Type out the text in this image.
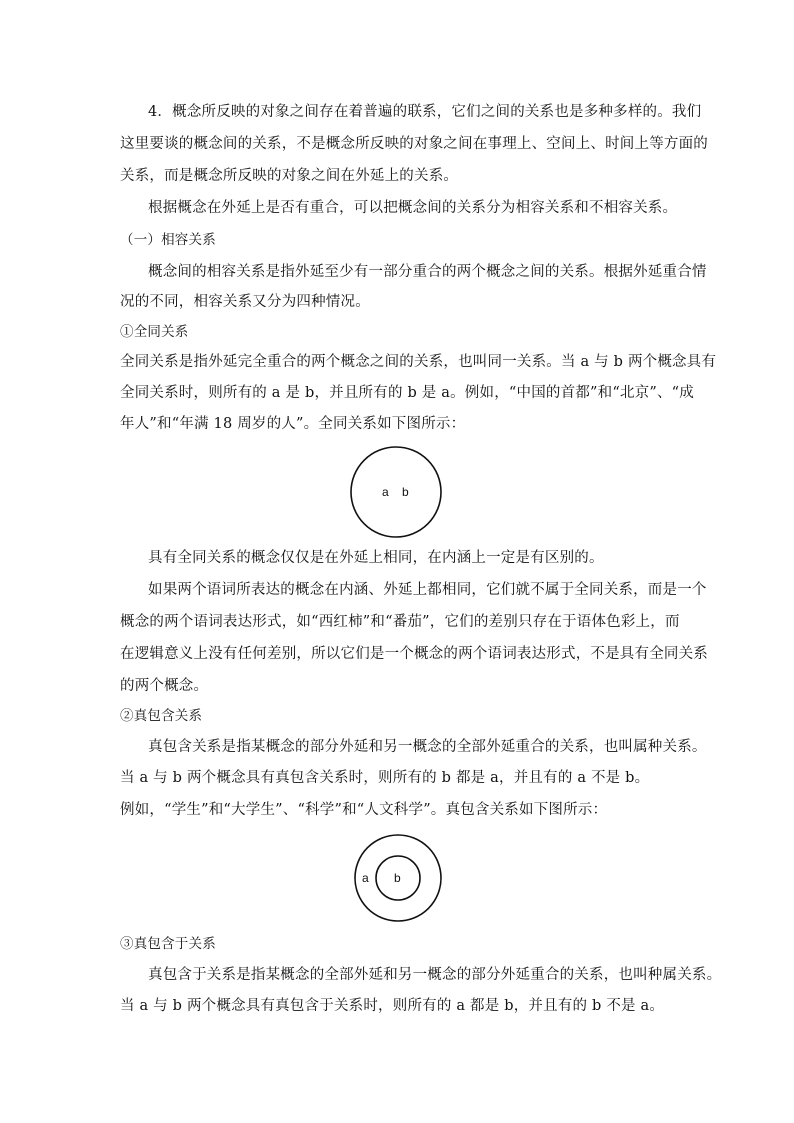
4．概念所反映的对象之间存在着普遍的联系，它们之间的关系也是多种多样的。我们
这里要谈的概念间的关系，不是概念所反映的对象之间在事理上、空间上、时间上等方面的
关系，而是概念所反映的对象之间在外延上的关系。
根据概念在外延上是否有重合，可以把概念间的关系分为相容关系和不相容关系。
（一）相容关系
概念间的相容关系是指外延至少有一部分重合的两个概念之间的关系。根据外延重合情
况的不同，相容关系又分为四种情况。
①全同关系
全同关系是指外延完全重合的两个概念之间的关系，也叫同一关系。当 a 与 b 两个概念具有
全同关系时，则所有的 a 是 b，并且所有的 b 是 a。例如，“中国的首都”和“北京”、“成
年人”和“年满 18 周岁的人”。全同关系如下图所示：
a b
具有全同关系的概念仅仅是在外延上相同，在内涵上一定是有区别的。
如果两个语词所表达的概念在内涵、外延上都相同，它们就不属于全同关系，而是一个
概念的两个语词表达形式，如“西红柿”和“番茄”，它们的差别只存在于语体色彩上，而
在逻辑意义上没有任何差别，所以它们是一个概念的两个语词表达形式，不是具有全同关系
的两个概念。
②真包含关系
真包含关系是指某概念的部分外延和另一概念的全部外延重合的关系，也叫属种关系。
当 a 与 b 两个概念具有真包含关系时，则所有的 b 都是 a，并且有的 a 不是 b。
例如，“学生”和“大学生”、“科学”和“人文科学”。真包含关系如下图所示：
a b
③真包含于关系
真包含于关系是指某概念的全部外延和另一概念的部分外延重合的关系，也叫种属关系。
当 a 与 b 两个概念具有真包含于关系时，则所有的 a 都是 b，并且有的 b 不是 a。
